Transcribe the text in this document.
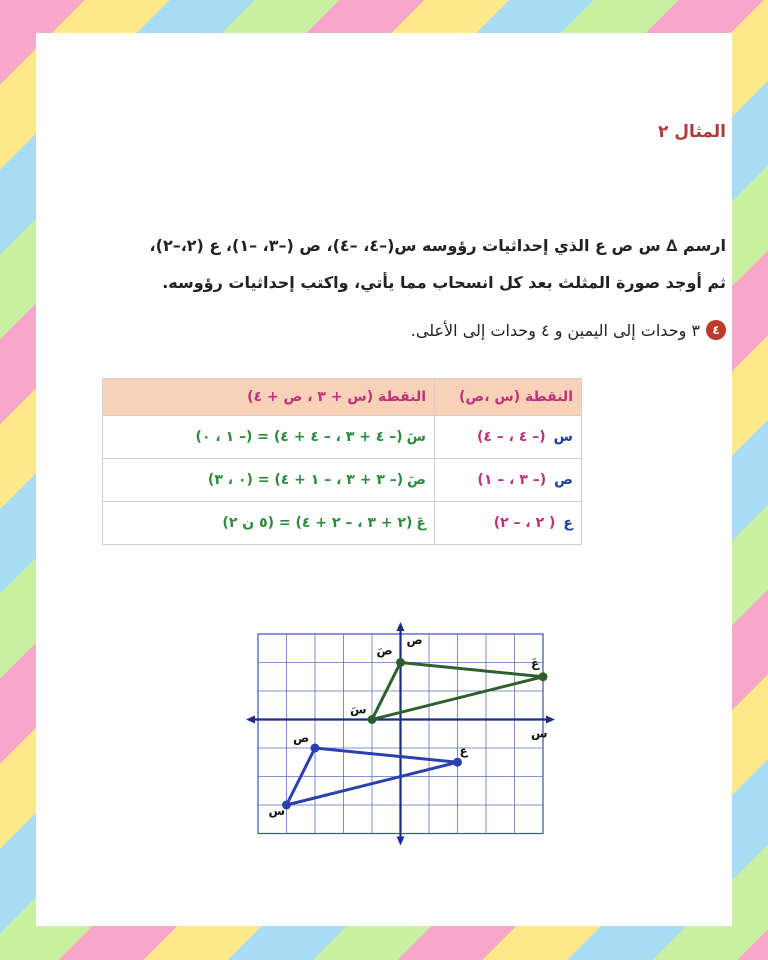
المثال ٢
ارسم ∆ س ص ع الذي إحداثيات رؤوسه س(–٤، –٤)، ص (–٣، –١)، ع (٢،–٢)،
ثم أوجد صورة المثلث بعد كل انسحاب مما يأتي، واكتب إحداثيات رؤوسه.
٤
٣ وحدات إلى اليمين و ٤ وحدات إلى الأعلى.
النقطة (س ،ص)	النقطة (س + ٣ ، ص + ٤)
س(– ٤ ، – ٤)	سَ(– ٤ + ٣ ، – ٤ + ٤) = (– ١ ، ٠)
ص(– ٣ ، – ١)	صَ(– ٣ + ٣ ، – ١ + ٤) = (٠ ، ٣)
ع( ٢ ، – ٢)	عَ(٢ + ٣ ، – ٢ + ٤) = (٥ ن ٢)
س
ص
س
ص
ع
سَ
صَ
عَ
